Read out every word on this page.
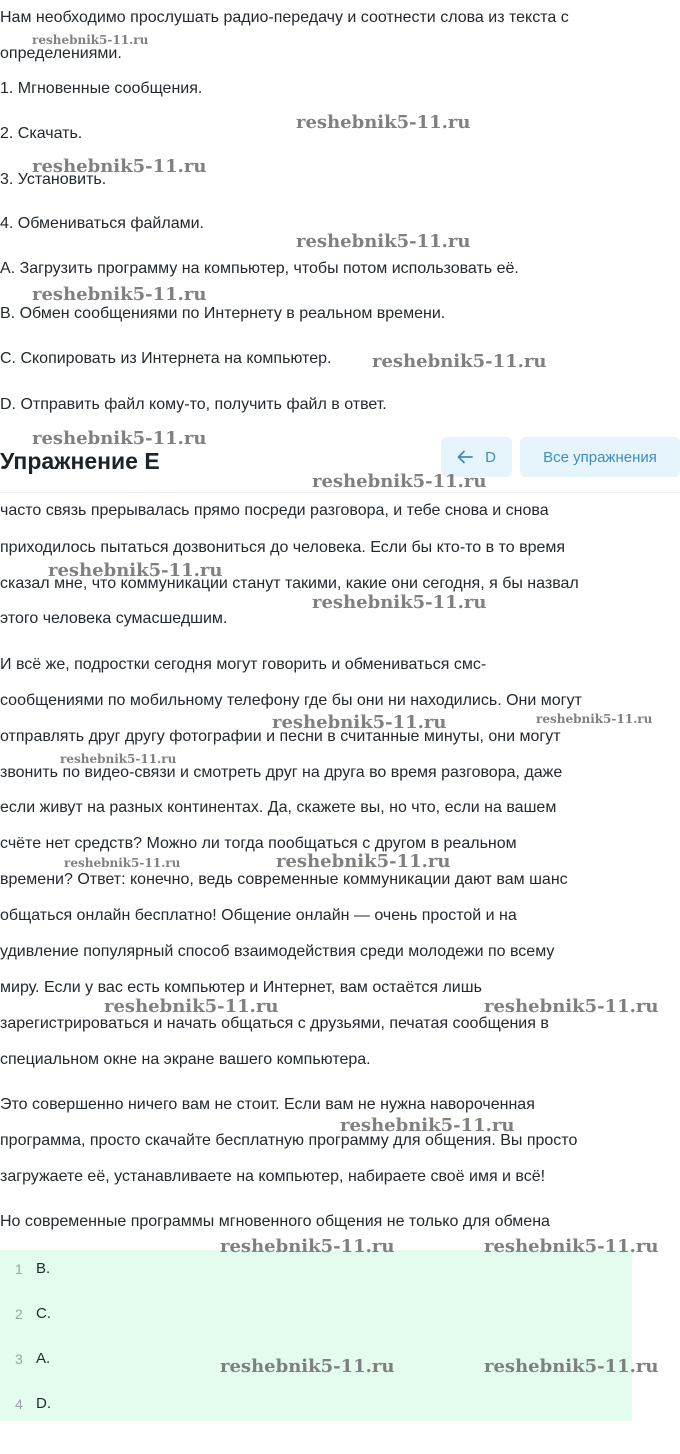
Нам необходимо прослушать радио-передачу и соотнести слова из текста с
определениями.
1. Мгновенные сообщения.
2. Скачать.
3. Установить.
4. Обмениваться файлами.
A. Загрузить программу на компьютер, чтобы потом использовать её.
B. Обмен сообщениями по Интернету в реальном времени.
C. Скопировать из Интернета на компьютер.
D. Отправить файл кому-то, получить файл в ответ.
Упражнение E	D	Все упражнения
часто связь прерывалась прямо посреди разговора, и тебе снова и снова
приходилось пытаться дозвониться до человека. Если бы кто-то в то время
сказал мне, что коммуникации станут такими, какие они сегодня, я бы назвал
этого человека сумасшедшим.
И всё же, подростки сегодня могут говорить и обмениваться смс-
сообщениями по мобильному телефону где бы они ни находились. Они могут
отправлять друг другу фотографии и песни в считанные минуты, они могут
звонить по видео-связи и смотреть друг на друга во время разговора, даже
если живут на разных континентах. Да, скажете вы, но что, если на вашем
счёте нет средств? Можно ли тогда пообщаться с другом в реальном
времени? Ответ: конечно, ведь современные коммуникации дают вам шанс
общаться онлайн бесплатно! Общение онлайн — очень простой и на
удивление популярный способ взаимодействия среди молодежи по всему
миру. Если у вас есть компьютер и Интернет, вам остаётся лишь
зарегистрироваться и начать общаться с друзьями, печатая сообщения в
специальном окне на экране вашего компьютера.
Это совершенно ничего вам не стоит. Если вам не нужна навороченная
программа, просто скачайте бесплатную программу для общения. Вы просто
загружаете её, устанавливаете на компьютер, набираете своё имя и всё!
Но современные программы мгновенного общения не только для обмена
1 B.
2 C.
3 A.
4 D.
reshebnik5-11.ru
reshebnik5-11.ru
reshebnik5-11.ru
reshebnik5-11.ru
reshebnik5-11.ru
reshebnik5-11.ru
reshebnik5-11.ru
reshebnik5-11.ru
reshebnik5-11.ru
reshebnik5-11.ru
reshebnik5-11.ru	reshebnik5-11.ru
reshebnik5-11.ru
reshebnik5-11.ru	reshebnik5-11.ru
reshebnik5-11.ru	reshebnik5-11.ru
reshebnik5-11.ru
reshebnik5-11.ru	reshebnik5-11.ru
reshebnik5-11.ru	reshebnik5-11.ru
